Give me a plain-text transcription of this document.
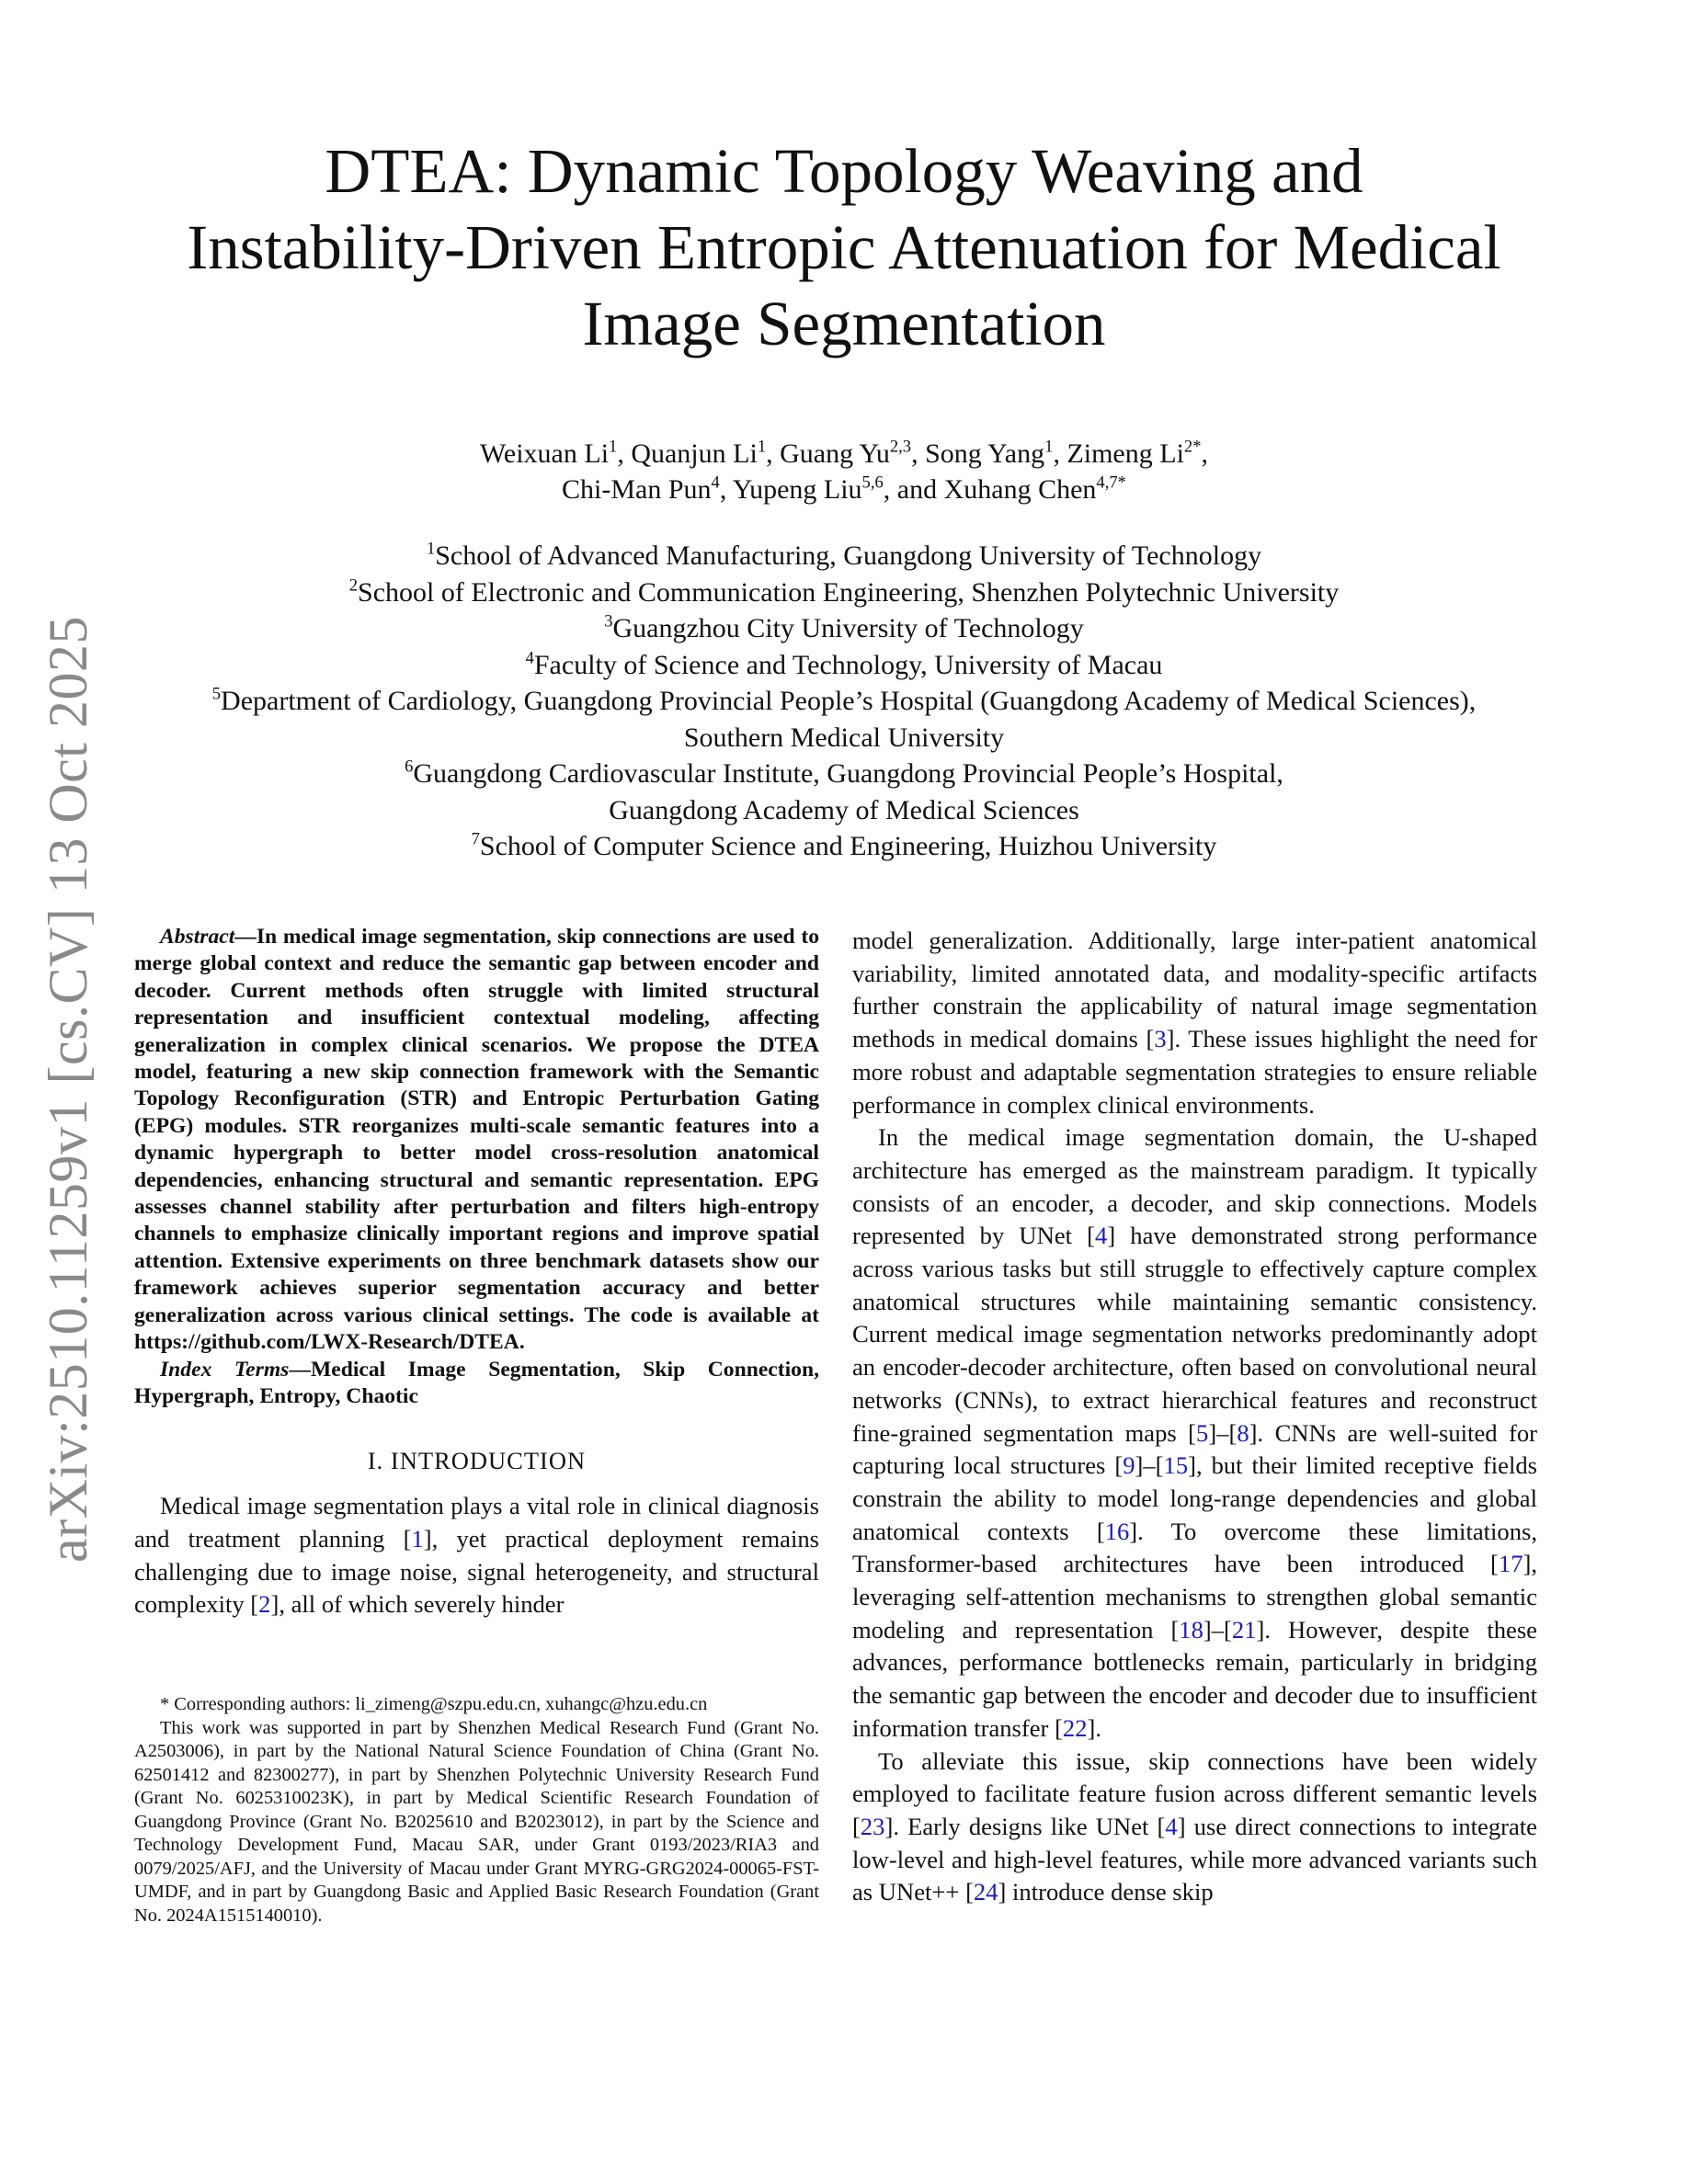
arXiv:2510.11259v1 [cs.CV] 13 Oct 2025
DTEA: Dynamic Topology Weaving and
Instability-Driven Entropic Attenuation for Medical
Image Segmentation
Weixuan Li$^1$, Quanjun Li$^1$, Guang Yu$^{2,3}$, Song Yang$^1$, Zimeng $Li^{2*}$,
Chi-Man Pun$^4$, Yupeng Liu$^{5,6}$, and Xuhang Chen$^{4,7*}$
$^1$School of Advanced Manufacturing, Guangdong University of Technology
$^2$School of Electronic and Communication Engineering, Shenzhen Polytechnic University
$^3$Guangzhou City University of Technology
$^4$Faculty of Science and Technology, University of Macau
$^5$Department of Cardiology, Guangdong Provincial People’s Hospital (Guangdong Academy of Medical Sciences),
Southern Medical University
$^6$Guangdong Cardiovascular Institute, Guangdong Provincial People’s Hospital,
Guangdong Academy of Medical Sciences
$^7$School of Computer Science and Engineering, Huizhou University

Abstract—In medical image segmentation, skip connections are used to merge global context and reduce the semantic gap between encoder and decoder. Current methods often struggle with limited structural representation and insufficient contextual modeling, affecting generalization in complex clinical scenarios. We propose the DTEA model, featuring a new skip connection framework with the Semantic Topology Reconfiguration (STR) and Entropic Perturbation Gating (EPG) modules. STR reorganizes multi-scale semantic features into a dynamic hypergraph to better model cross-resolution anatomical dependencies, enhancing structural and semantic representation. EPG assesses channel stability after perturbation and filters high-entropy channels to emphasize clinically important regions and improve spatial attention. Extensive experiments on three benchmark datasets show our framework achieves superior segmentation accuracy and better generalization across various clinical settings. The code is available at https://github.com/LWX-Research/DTEA.

Index Terms—Medical Image Segmentation, Skip Connection, Hypergraph, Entropy, Chaotic

I. INTRODUCTION

Medical image segmentation plays a vital role in clinical diagnosis and treatment planning [1], yet practical deployment remains challenging due to image noise, signal heterogeneity, and structural complexity [2], all of which severely hinder

* Corresponding authors: li_zimeng@szpu.edu.cn, xuhangc@hzu.edu.cn

This work was supported in part by Shenzhen Medical Research Fund (Grant No. A2503006), in part by the National Natural Science Foundation of China (Grant No. 62501412 and 82300277), in part by Shenzhen Polytechnic University Research Fund (Grant No. 6025310023K), in part by Medical Scientific Research Foundation of Guangdong Province (Grant No. B2025610 and B2023012), in part by the Science and Technology Development Fund, Macau SAR, under Grant 0193/2023/RIA3 and 0079/2025/AFJ, and the University of Macau under Grant MYRG-GRG2024-00065-FST-UMDF, and in part by Guangdong Basic and Applied Basic Research Foundation (Grant No. 2024A1515140010).

model generalization. Additionally, large inter-patient anatomical variability, limited annotated data, and modality-specific artifacts further constrain the applicability of natural image segmentation methods in medical domains [3]. These issues highlight the need for more robust and adaptable segmentation strategies to ensure reliable performance in complex clinical environments.

In the medical image segmentation domain, the U-shaped architecture has emerged as the mainstream paradigm. It typically consists of an encoder, a decoder, and skip connections. Models represented by UNet [4] have demonstrated strong performance across various tasks but still struggle to effectively capture complex anatomical structures while maintaining semantic consistency. Current medical image segmentation networks predominantly adopt an encoder-decoder architecture, often based on convolutional neural networks (CNNs), to extract hierarchical features and reconstruct fine-grained segmentation maps [5]–[8]. CNNs are well-suited for capturing local structures [9]–[15], but their limited receptive fields constrain the ability to model long-range dependencies and global anatomical contexts [16]. To overcome these limitations, Transformer-based architectures have been introduced [17], leveraging self-attention mechanisms to strengthen global semantic modeling and representation [18]–[21]. However, despite these advances, performance bottlenecks remain, particularly in bridging the semantic gap between the encoder and decoder due to insufficient information transfer [22].

To alleviate this issue, skip connections have been widely employed to facilitate feature fusion across different semantic levels [23]. Early designs like UNet [4] use direct connections to integrate low-level and high-level features, while more advanced variants such as UNet++ [24] introduce dense skip
